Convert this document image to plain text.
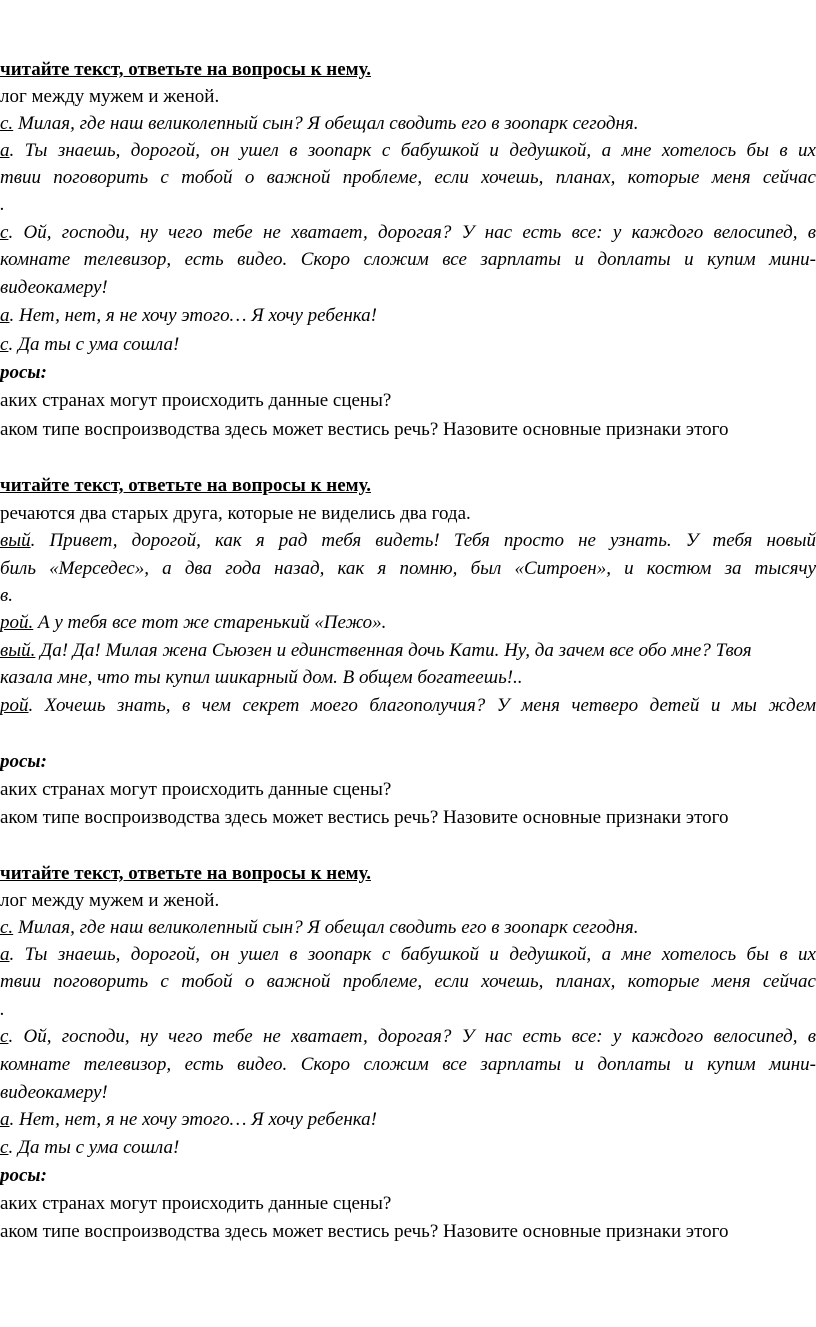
читайте текст, ответьте на вопросы к нему.
лог между мужем и женой.
с. Милая, где наш великолепный сын? Я обещал сводить его в зоопарк сегодня.
а. Ты знаешь, дорогой, он ушел в зоопарк с бабушкой и дедушкой, а мне хотелось бы в их
твии поговорить с тобой о важной проблеме, если хочешь, планах, которые меня сейчас
.
с. Ой, господи, ну чего тебе не хватает, дорогая? У нас есть все: у каждого велосипед, в
комнате телевизор, есть видео. Скоро сложим все зарплаты и доплаты и купим мини-
видеокамеру!
а. Нет, нет, я не хочу этого… Я хочу ребенка!
с. Да ты с ума сошла!
росы:
аких странах могут происходить данные сцены?
аком типе воспроизводства здесь может вестись речь? Назовите основные признаки этого
читайте текст, ответьте на вопросы к нему.
речаются два старых друга, которые не виделись два года.
вый. Привет, дорогой, как я рад тебя видеть! Тебя просто не узнать. У тебя новый
биль «Мерседес», а два года назад, как я помню, был «Ситроен», и костюм за тысячу
в.
рой. А у тебя все тот же старенький «Пежо».
вый. Да! Да! Милая жена Сьюзен и единственная дочь Кати. Ну, да зачем все обо мне? Твоя
казала мне, что ты купил шикарный дом. В общем богатеешь!..
рой. Хочешь знать, в чем секрет моего благополучия? У меня четверо детей и мы ждем
росы:
аких странах могут происходить данные сцены?
аком типе воспроизводства здесь может вестись речь? Назовите основные признаки этого
читайте текст, ответьте на вопросы к нему.
лог между мужем и женой.
с. Милая, где наш великолепный сын? Я обещал сводить его в зоопарк сегодня.
а. Ты знаешь, дорогой, он ушел в зоопарк с бабушкой и дедушкой, а мне хотелось бы в их
твии поговорить с тобой о важной проблеме, если хочешь, планах, которые меня сейчас
.
с. Ой, господи, ну чего тебе не хватает, дорогая? У нас есть все: у каждого велосипед, в
комнате телевизор, есть видео. Скоро сложим все зарплаты и доплаты и купим мини-
видеокамеру!
а. Нет, нет, я не хочу этого… Я хочу ребенка!
с. Да ты с ума сошла!
росы:
аких странах могут происходить данные сцены?
аком типе воспроизводства здесь может вестись речь? Назовите основные признаки этого
